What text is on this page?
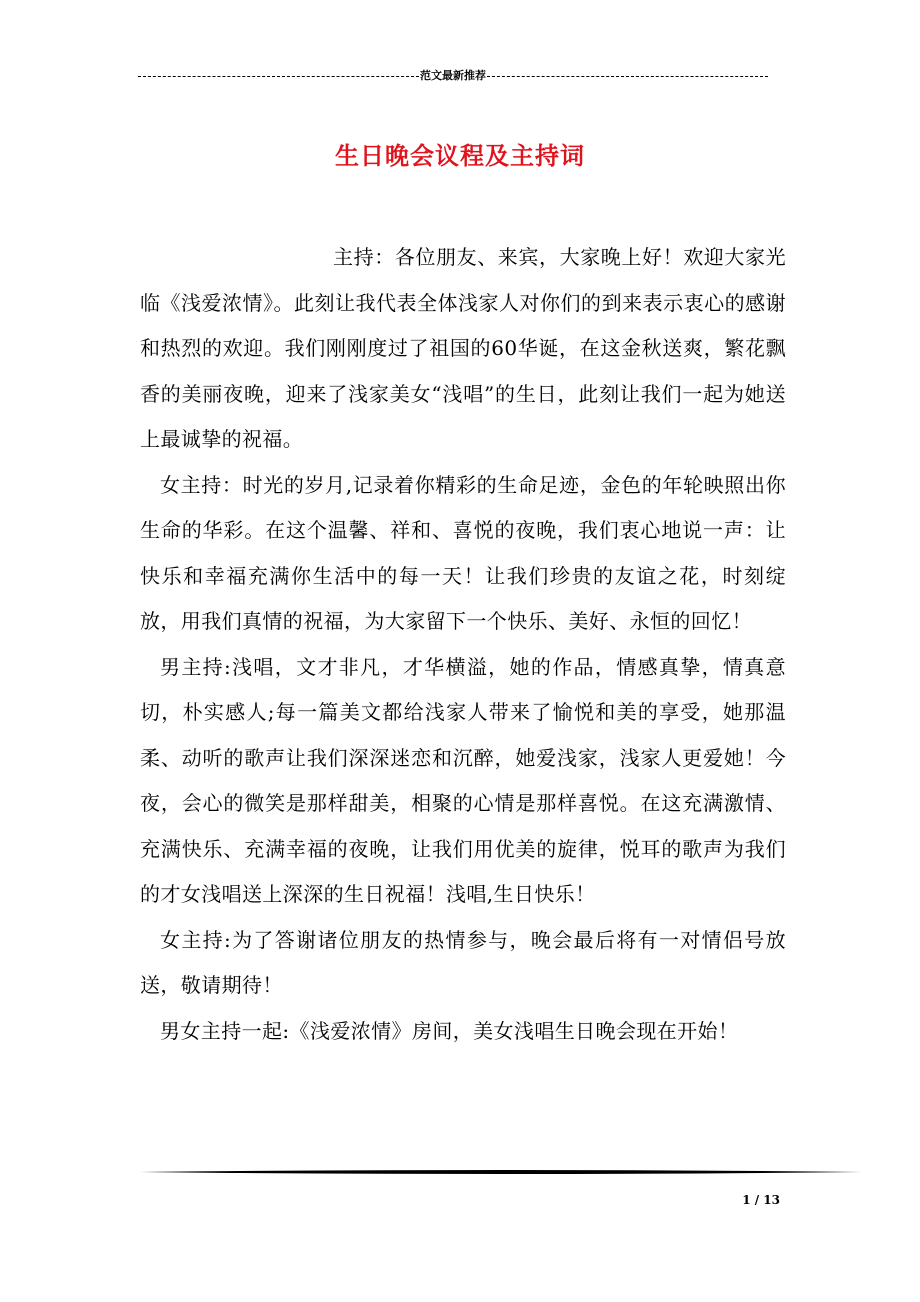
范文最新推荐
生日晚会议程及主持词

主持：各位朋友、来宾，大家晚上好！欢迎大家光临《浅爱浓情》。此刻让我代表全体浅家人对你们的到来表示衷心的感谢和热烈的欢迎。我们刚刚度过了祖国的60华诞，在这金秋送爽，繁花飘香的美丽夜晚，迎来了浅家美女“浅唱”的生日，此刻让我们一起为她送上最诚挚的祝福。

女主持：时光的岁月,记录着你精彩的生命足迹，金色的年轮映照出你生命的华彩。在这个温馨、祥和、喜悦的夜晚，我们衷心地说一声：让快乐和幸福充满你生活中的每一天！让我们珍贵的友谊之花，时刻绽放，用我们真情的祝福，为大家留下一个快乐、美好、永恒的回忆！

男主持:浅唱，文才非凡，才华横溢，她的作品，情感真挚，情真意切，朴实感人;每一篇美文都给浅家人带来了愉悦和美的享受，她那温柔、动听的歌声让我们深深迷恋和沉醉，她爱浅家，浅家人更爱她！今夜，会心的微笑是那样甜美，相聚的心情是那样喜悦。在这充满激情、充满快乐、充满幸福的夜晚，让我们用优美的旋律，悦耳的歌声为我们的才女浅唱送上深深的生日祝福！浅唱,生日快乐！

女主持:为了答谢诸位朋友的热情参与，晚会最后将有一对情侣号放送，敬请期待！

男女主持一起:《浅爱浓情》房间，美女浅唱生日晚会现在开始！

1 / 13
